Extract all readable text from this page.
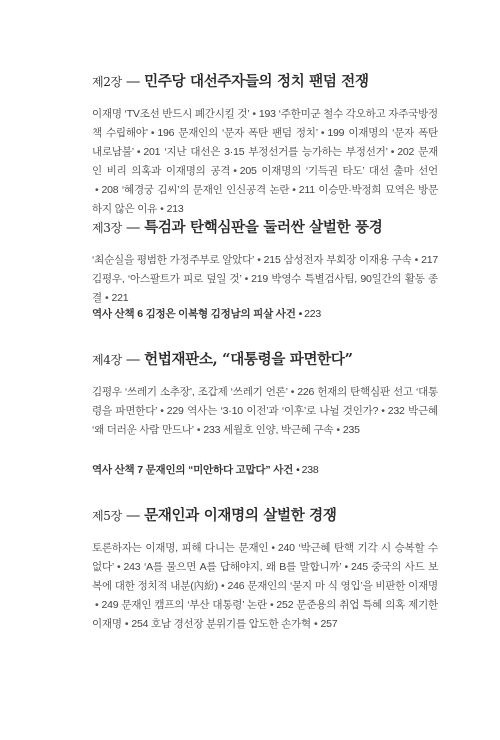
제2장 — 민주당 대선주자들의 정치 팬덤 전쟁

이재명 ‘TV조선 반드시 폐간시킬 것’ • 193 ‘주한미군 철수 각오하고 자주국방정책 수립해야’ • 196 문재인의 ‘문자 폭탄 팬덤 정치’ • 199 이재명의 ‘문자 폭탄 내로남불’ • 201 ‘지난 대선은 3·15 부정선거를 능가하는 부정선거’ • 202 문재인 비리 의혹과 이재명의 공격 • 205 이재명의 ‘기득권 타도’ 대선 출마 선언• 208 ‘혜경궁 김씨’의 문재인 인신공격 논란 • 211 이승만·박정희 묘역은 방문하지 않은 이유 • 213

제3장 — 특검과 탄핵심판을 둘러싼 살벌한 풍경

‘최순실을 평범한 가정주부로 알았다’ • 215 삼성전자 부회장 이재용 구속 • 217 김평우, ‘아스팔트가 피로 덮일 것’ • 219 박영수 특별검사팀, 90일간의 활동 종결 • 221

역사 산책 6 김정은 이복형 김정남의 피살 사건 • 223
제4장 — 헌법재판소, “대통령을 파면한다”

김평우 ‘쓰레기 소추장’, 조갑제 ‘쓰레기 언론’ • 226 헌재의 탄핵심판 선고 ‘대통령을 파면한다’ • 229 역사는 ‘3·10 이전’과 ‘이후’로 나뉠 것인가? • 232 박근혜 ‘왜 더러운 사람 만드나’ • 233 세월호 인양, 박근혜 구속 • 235

역사 산책 7 문재인의 “미안하다 고맙다” 사건 • 238
제5장 — 문재인과 이재명의 살벌한 경쟁

토론하자는 이재명, 피해 다니는 문재인 • 240 ‘박근혜 탄핵 기각 시 승복할 수 없다’ • 243 ‘A를 물으면 A를 답해야지, 왜 B를 말합니까’ • 245 중국의 사드 보복에 대한 정치적 내분(內紛) • 246 문재인의 ‘묻지 마 식 영입’을 비판한 이재명• 249 문재인 캠프의 ‘부산 대통령’ 논란 • 252 문준용의 취업 특혜 의혹 제기한 이재명 • 254 호남 경선장 분위기를 압도한 손가혁 • 257
